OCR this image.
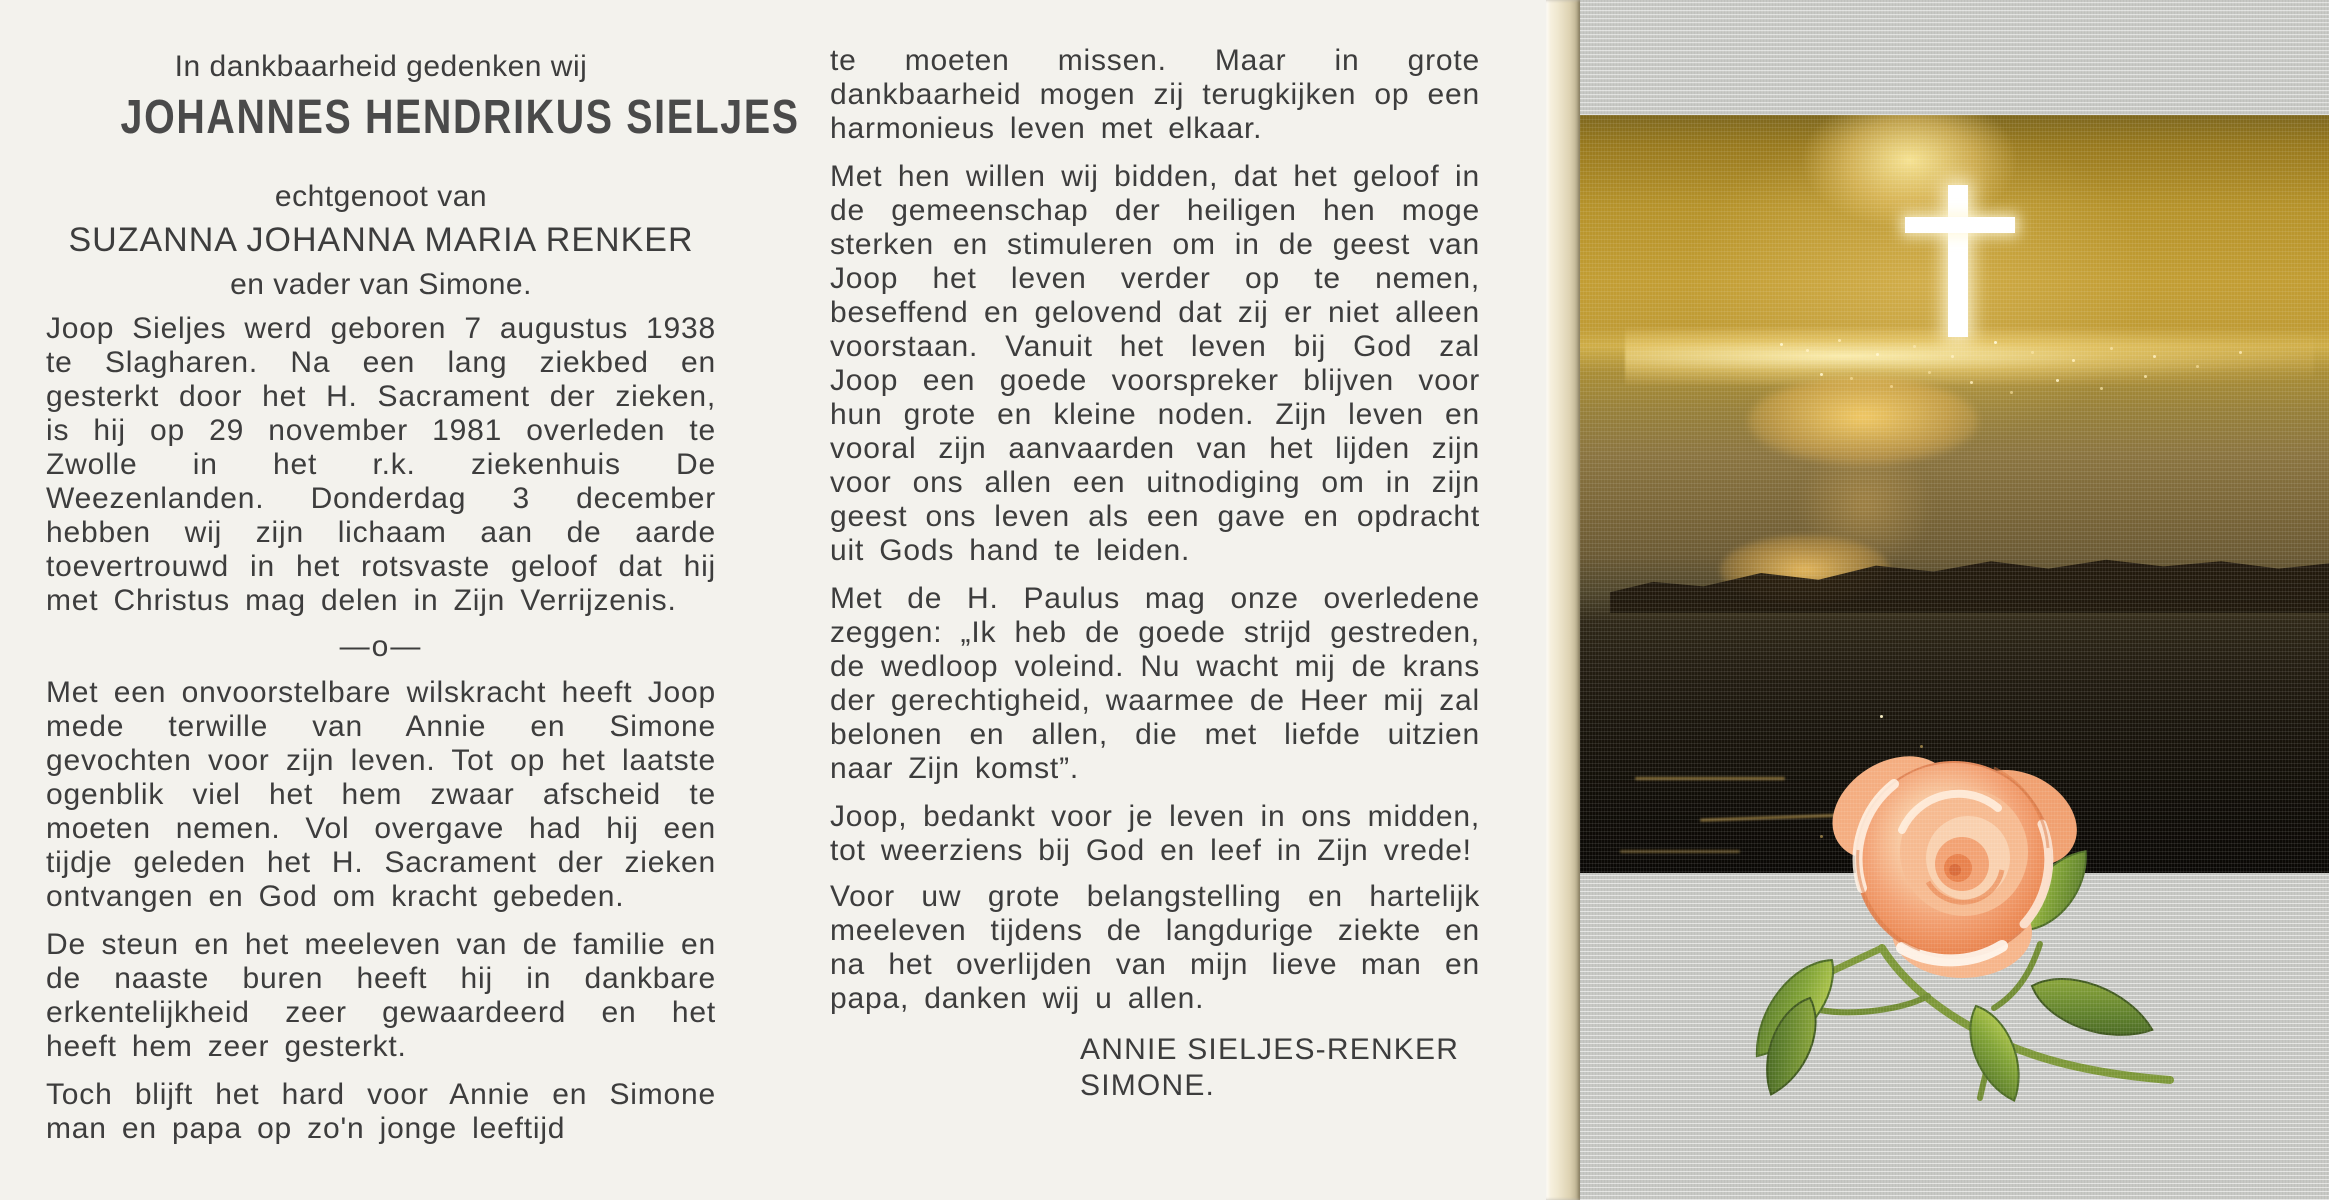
In dankbaarheid gedenken wij
JOHANNES HENDRIKUS SIELJES
echtgenoot van
SUZANNA JOHANNA MARIA RENKER
en vader van Simone.

Joop Sieljes werd geboren 7 augustus 1938 te Slagharen. Na een lang ziekbed en gesterkt door het H. Sacrament der zieken, is hij op 29 november 1981 overleden te Zwolle in het r.k. ziekenhuis De Weezenlanden. Donderdag 3 december hebben wij zijn lichaam aan de aarde toevertrouwd in het rotsvaste geloof dat hij met Christus mag delen in Zijn Verrijzenis.

—o—

Met een onvoorstelbare wilskracht heeft Joop mede terwille van Annie en Simone gevochten voor zijn leven. Tot op het laatste ogenblik viel het hem zwaar afscheid te moeten nemen. Vol overgave had hij een tijdje geleden het H. Sacrament der zieken ontvangen en God om kracht gebeden.

De steun en het meeleven van de familie en de naaste buren heeft hij in dankbare erkentelijkheid zeer gewaardeerd en het heeft hem zeer gesterkt.

Toch blijft het hard voor Annie en Simone man en papa op zo'n jonge leeftijd

te moeten missen. Maar in grote dankbaarheid mogen zij terugkijken op een harmonieus leven met elkaar.

Met hen willen wij bidden, dat het geloof in de gemeenschap der heiligen hen moge sterken en stimuleren om in de geest van Joop het leven verder op te nemen, beseffend en gelovend dat zij er niet alleen voorstaan. Vanuit het leven bij God zal Joop een goede voorspreker blijven voor hun grote en kleine noden. Zijn leven en vooral zijn aanvaarden van het lijden zijn voor ons allen een uitnodiging om in zijn geest ons leven als een gave en opdracht uit Gods hand te leiden.

Met de H. Paulus mag onze overledene zeggen: „Ik heb de goede strijd gestreden, de wedloop voleind. Nu wacht mij de krans der gerechtigheid, waarmee de Heer mij zal belonen en allen, die met liefde uitzien naar Zijn komst”.

Joop, bedankt voor je leven in ons midden, tot weerziens bij God en leef in Zijn vrede!

Voor uw grote belangstelling en hartelijk meeleven tijdens de langdurige ziekte en na het overlijden van mijn lieve man en papa, danken wij u allen.

ANNIE SIELJES-RENKER
SIMONE.
